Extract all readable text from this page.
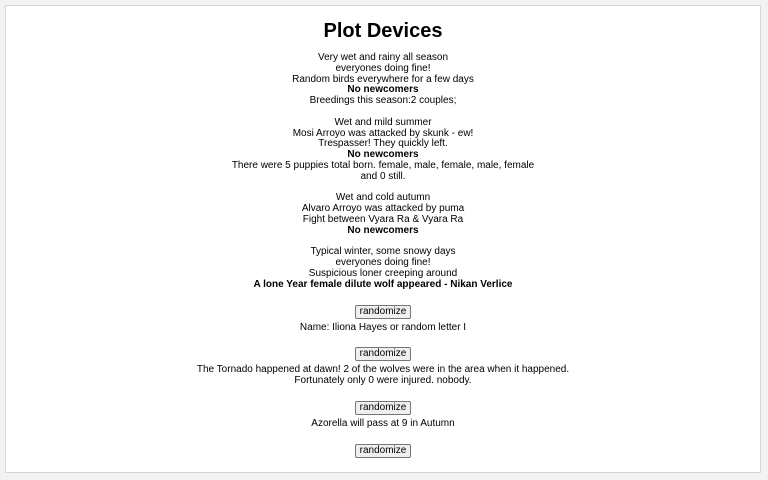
Plot Devices
Very wet and rainy all season
everyones doing fine!
Random birds everywhere for a few days
No newcomers
Breedings this season:2 couples;
Wet and mild summer
Mosi Arroyo was attacked by skunk - ew!
Trespasser! They quickly left.
No newcomers
There were 5 puppies total born. female, male, female, male, female
and 0 still.
Wet and cold autumn
Alvaro Arroyo was attacked by puma
Fight between Vyara Ra & Vyara Ra
No newcomers
Typical winter, some snowy days
everyones doing fine!
Suspicious loner creeping around
A lone Year female dilute wolf appeared - Nikan Verlice
randomize
Name: Iliona Hayes or random letter I
randomize
The Tornado happened at dawn! 2 of the wolves were in the area when it happened.
Fortunately only 0 were injured. nobody.
randomize
Azorella will pass at 9 in Autumn
randomize
